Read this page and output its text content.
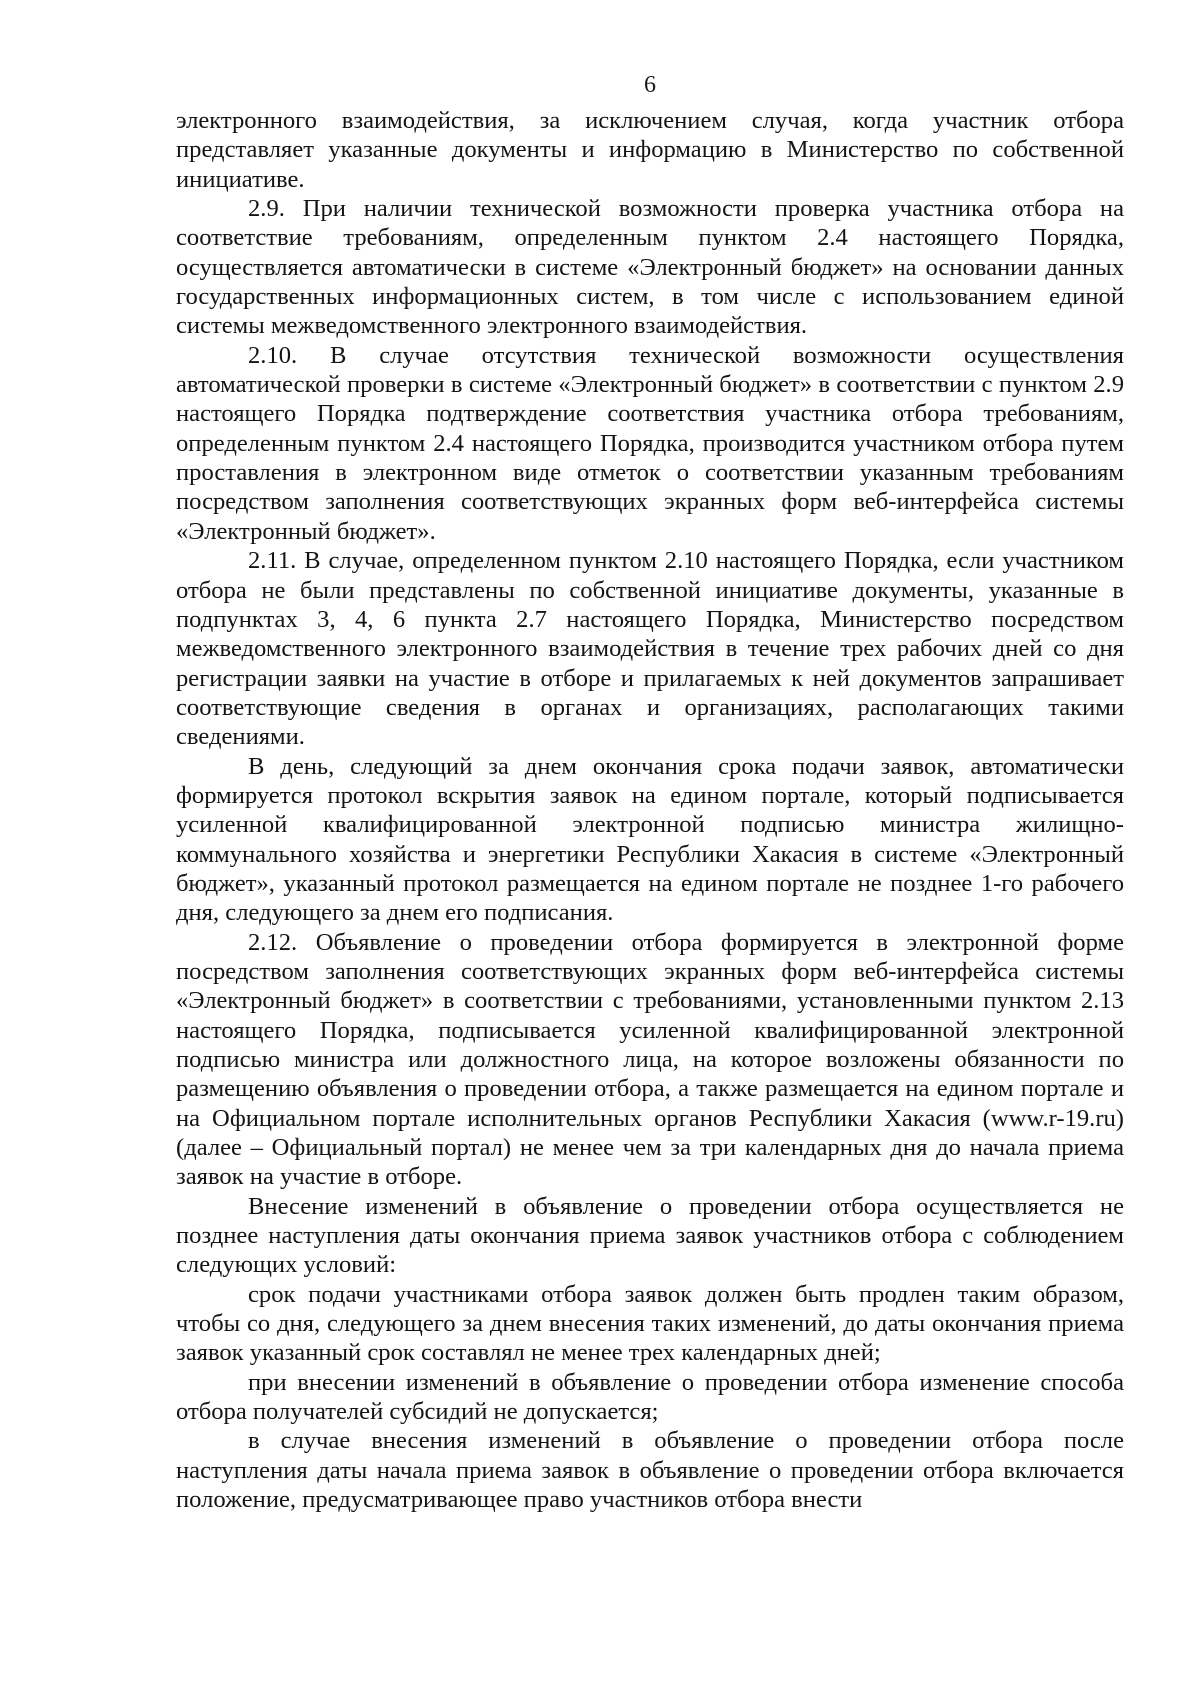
6

электронного взаимодействия, за исключением случая, когда участник отбора представляет указанные документы и информацию в Министерство по собственной инициативе.

2.9. При наличии технической возможности проверка участника отбора на соответствие требованиям, определенным пунктом 2.4 настоящего Порядка, осуществляется автоматически в системе «Электронный бюджет» на основании данных государственных информационных систем, в том числе с использованием единой системы межведомственного электронного взаимодействия.

2.10. В случае отсутствия технической возможности осуществления автоматической проверки в системе «Электронный бюджет» в соответствии с пунктом 2.9 настоящего Порядка подтверждение соответствия участника отбора требованиям, определенным пунктом 2.4 настоящего Порядка, производится участником отбора путем проставления в электронном виде отметок о соответствии указанным требованиям посредством заполнения соответствующих экранных форм веб-интерфейса системы «Электронный бюджет».

2.11. В случае, определенном пунктом 2.10 настоящего Порядка, если участником отбора не были представлены по собственной инициативе документы, указанные в подпунктах 3, 4, 6 пункта 2.7 настоящего Порядка, Министерство посредством межведомственного электронного взаимодействия в течение трех рабочих дней со дня регистрации заявки на участие в отборе и прилагаемых к ней документов запрашивает соответствующие сведения в органах и организациях, располагающих такими сведениями.

В день, следующий за днем окончания срока подачи заявок, автоматически формируется протокол вскрытия заявок на едином портале, который подписывается усиленной квалифицированной электронной подписью министра жилищно-коммунального хозяйства и энергетики Республики Хакасия в системе «Электронный бюджет», указанный протокол размещается на едином портале не позднее 1-го рабочего дня, следующего за днем его подписания.

2.12. Объявление о проведении отбора формируется в электронной форме посредством заполнения соответствующих экранных форм веб-интерфейса системы «Электронный бюджет» в соответствии с требованиями, установленными пунктом 2.13 настоящего Порядка, подписывается усиленной квалифицированной электронной подписью министра или должностного лица, на которое возложены обязанности по размещению объявления о проведении отбора, а также размещается на едином портале и на Официальном портале исполнительных органов Республики Хакасия (www.r-19.ru) (далее – Официальный портал) не менее чем за три календарных дня до начала приема заявок на участие в отборе.

Внесение изменений в объявление о проведении отбора осуществляется не позднее наступления даты окончания приема заявок участников отбора с соблюдением следующих условий:

срок подачи участниками отбора заявок должен быть продлен таким образом, чтобы со дня, следующего за днем внесения таких изменений, до даты окончания приема заявок указанный срок составлял не менее трех календарных дней;

при внесении изменений в объявление о проведении отбора изменение способа отбора получателей субсидий не допускается;

в случае внесения изменений в объявление о проведении отбора после наступления даты начала приема заявок в объявление о проведении отбора включается положение, предусматривающее право участников отбора внести
